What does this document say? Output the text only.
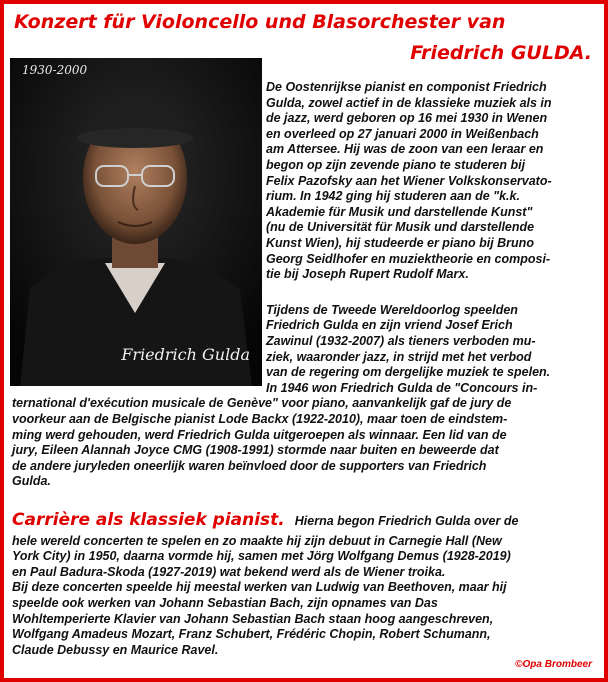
Konzert für Violoncello und Blasorchester van
Friedrich GULDA.
1930-2000
Friedrich Gulda
De Oostenrijkse pianist en componist Friedrich
Gulda, zowel actief in de klassieke muziek als in
de jazz, werd geboren op 16 mei 1930 in Wenen
en overleed op 27 januari 2000 in Weißenbach
am Attersee. Hij was de zoon van een leraar en
begon op zijn zevende piano te studeren bij
Felix Pazofsky aan het Wiener Volkskonservato-
rium. In 1942 ging hij studeren aan de "k.k.
Akademie für Musik und darstellende Kunst"
(nu de Universität für Musik und darstellende
Kunst Wien), hij studeerde er piano bij Bruno
Georg Seidlhofer en muziektheorie en composi-
tie bij Joseph Rupert Rudolf Marx.
Tijdens de Tweede Wereldoorlog speelden
Friedrich Gulda en zijn vriend Josef Erich
Zawinul (1932-2007) als tieners verboden mu-
ziek, waaronder jazz, in strijd met het verbod
van de regering om dergelijke muziek te spelen.
In 1946 won Friedrich Gulda de "Concours in-
ternational d'exécution musicale de Genève" voor piano, aanvankelijk gaf de jury de
voorkeur aan de Belgische pianist Lode Backx (1922-2010), maar toen de eindstem-
ming werd gehouden, werd Friedrich Gulda uitgeroepen als winnaar. Een lid van de
jury, Eileen Alannah Joyce CMG (1908-1991) stormde naar buiten en beweerde dat
de andere juryleden oneerlijk waren beïnvloed door de supporters van Friedrich
Gulda.
Carrière als klassiek pianist. Hierna begon Friedrich Gulda over de
hele wereld concerten te spelen en zo maakte hij zijn debuut in Carnegie Hall (New
York City) in 1950, daarna vormde hij, samen met Jörg Wolfgang Demus (1928-2019)
en Paul Badura-Skoda (1927-2019) wat bekend werd als de Wiener troika.
Bij deze concerten speelde hij meestal werken van Ludwig van Beethoven, maar hij
speelde ook werken van Johann Sebastian Bach, zijn opnames van Das
Wohltemperierte Klavier van Johann Sebastian Bach staan hoog aangeschreven,
Wolfgang Amadeus Mozart, Franz Schubert, Frédéric Chopin, Robert Schumann,
Claude Debussy en Maurice Ravel.
©Opa Brombeer
